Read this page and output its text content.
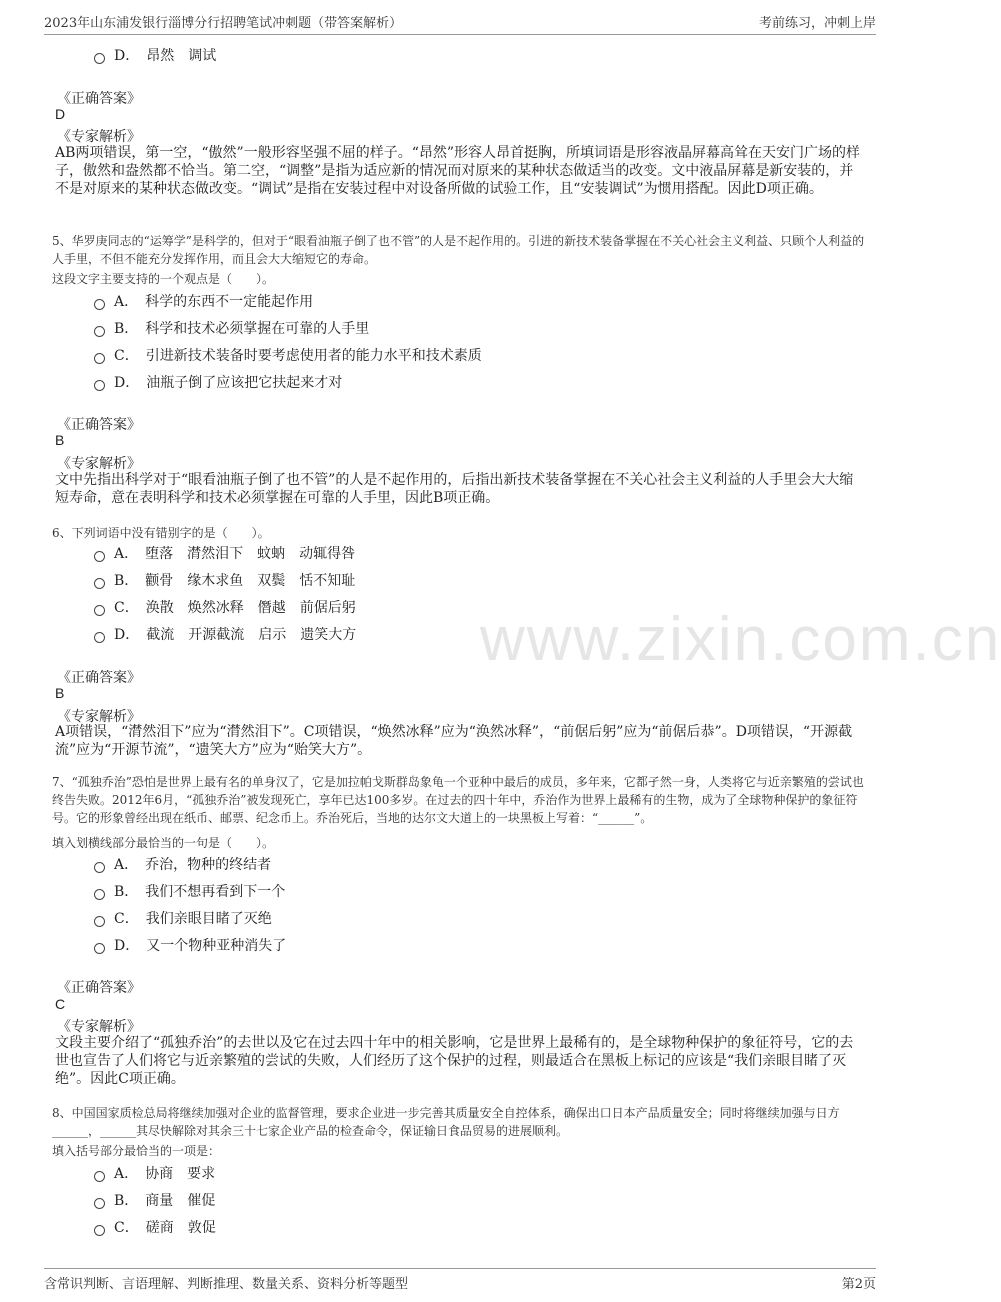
2023年山东浦发银行淄博分行招聘笔试冲刺题（带答案解析）	考前练习，冲刺上岸
www.zixin.com.cn
D．　昂然　调试
《正确答案》
D
《专家解析》
AB两项错误，第一空，“傲然”一般形容坚强不屈的样子。“昂然”形容人昂首挺胸，所填词语是形容液晶屏幕高耸在天安门广场的样子，傲然和盎然都不恰当。第二空，“调整”是指为适应新的情况而对原来的某种状态做适当的改变。文中液晶屏幕是新安装的，并不是对原来的某种状态做改变。“调试”是指在安装过程中对设备所做的试验工作，且“安装调试”为惯用搭配。因此D项正确。
5、华罗庚同志的“运筹学”是科学的，但对于“眼看油瓶子倒了也不管”的人是不起作用的。引进的新技术装备掌握在不关心社会主义利益、只顾个人利益的人手里，不但不能充分发挥作用，而且会大大缩短它的寿命。
这段文字主要支持的一个观点是（　　）。
A．　科学的东西不一定能起作用
B．　科学和技术必须掌握在可靠的人手里
C．　引进新技术装备时要考虑使用者的能力水平和技术素质
D．　油瓶子倒了应该把它扶起来才对
《正确答案》
B
《专家解析》
文中先指出科学对于“眼看油瓶子倒了也不管”的人是不起作用的，后指出新技术装备掌握在不关心社会主义利益的人手里会大大缩短寿命，意在表明科学和技术必须掌握在可靠的人手里，因此B项正确。
6、下列词语中没有错别字的是（　　）。
A．　堕落　潸然泪下　蚊蚋　动辄得咎
B．　颧骨　缘木求鱼　双鬓　恬不知耻
C．　涣散　焕然冰释　僭越　前倨后躬
D．　截流　开源截流　启示　遗笑大方
《正确答案》
B
《专家解析》
A项错误，“潸然泪下”应为“潸然泪下”。C项错误，“焕然冰释”应为“涣然冰释”，“前倨后躬”应为“前倨后恭”。D项错误，“开源截流”应为“开源节流”，“遗笑大方”应为“贻笑大方”。
7、“孤独乔治”恐怕是世界上最有名的单身汉了，它是加拉帕戈斯群岛象龟一个亚种中最后的成员，多年来，它都孑然一身，人类将它与近亲繁殖的尝试也终告失败。2012年6月，“孤独乔治”被发现死亡，享年已达100多岁。在过去的四十年中，乔治作为世界上最稀有的生物，成为了全球物种保护的象征符号。它的形象曾经出现在纸币、邮票、纪念币上。乔治死后，当地的达尔文大道上的一块黑板上写着：“______”。
填入划横线部分最恰当的一句是（　　）。
A．　乔治，物种的终结者
B．　我们不想再看到下一个
C．　我们亲眼目睹了灭绝
D．　又一个物种亚种消失了
《正确答案》
C
《专家解析》
文段主要介绍了“孤独乔治”的去世以及它在过去四十年中的相关影响，它是世界上最稀有的，是全球物种保护的象征符号，它的去世也宣告了人们将它与近亲繁殖的尝试的失败，人们经历了这个保护的过程，则最适合在黑板上标记的应该是“我们亲眼目睹了灭绝”。因此C项正确。
8、中国国家质检总局将继续加强对企业的监督管理，要求企业进一步完善其质量安全自控体系，确保出口日本产品质量安全；同时将继续加强与日方______，______其尽快解除对其余三十七家企业产品的检查命令，保证输日食品贸易的进展顺利。
填入括号部分最恰当的一项是：
A．　协商　要求
B．　商量　催促
C．　磋商　敦促
含常识判断、言语理解、判断推理、数量关系、资料分析等题型	第2页
